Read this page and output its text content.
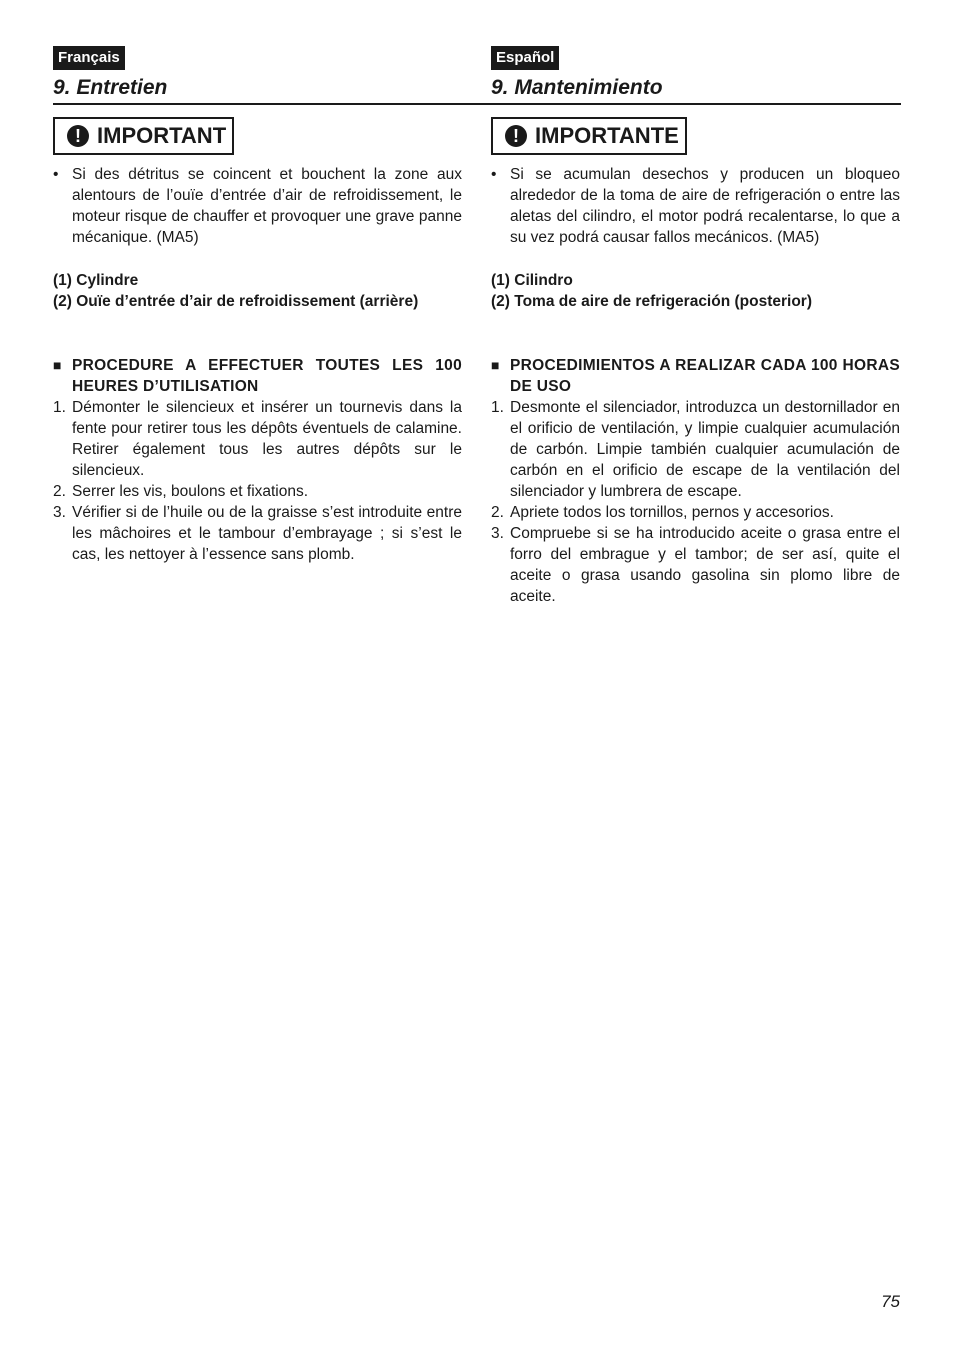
Français
9. Entretien
! IMPORTANT
• Si des détritus se coincent et bouchent la zone aux alentours de l’ouïe d’entrée d’air de refroidissement, le moteur risque de chauffer et provoquer une grave panne mécanique. (MA5)
(1) Cylindre
(2) Ouïe d’entrée d’air de refroidissement (arrière)
■ PROCEDURE A EFFECTUER TOUTES LES 100 HEURES D’UTILISATION
1. Démonter le silencieux et insérer un tournevis dans la fente pour retirer tous les dépôts éventuels de calamine. Retirer également tous les autres dépôts sur le silencieux.
2. Serrer les vis, boulons et fixations.
3. Vérifier si de l’huile ou de la graisse s’est introduite entre les mâchoires et le tambour d’embrayage ; si s’est le cas, les nettoyer à l’essence sans plomb.
Español
9. Mantenimiento
! IMPORTANTE
• Si se acumulan desechos y producen un bloqueo alrededor de la toma de aire de refrigeración o entre las aletas del cilindro, el motor podrá recalentarse, lo que a su vez podrá causar fallos mecánicos. (MA5)
(1) Cilindro
(2) Toma de aire de refrigeración (posterior)
■ PROCEDIMIENTOS A REALIZAR CADA 100 HORAS DE USO
1. Desmonte el silenciador, introduzca un destornillador en el orificio de ventilación, y limpie cualquier acumulación de carbón. Limpie también cualquier acumulación de carbón en el orificio de escape de la ventilación del silenciador y lumbrera de escape.
2. Apriete todos los tornillos, pernos y accesorios.
3. Compruebe si se ha introducido aceite o grasa entre el forro del embrague y el tambor; de ser así, quite el aceite o grasa usando gasolina sin plomo libre de aceite.
75
